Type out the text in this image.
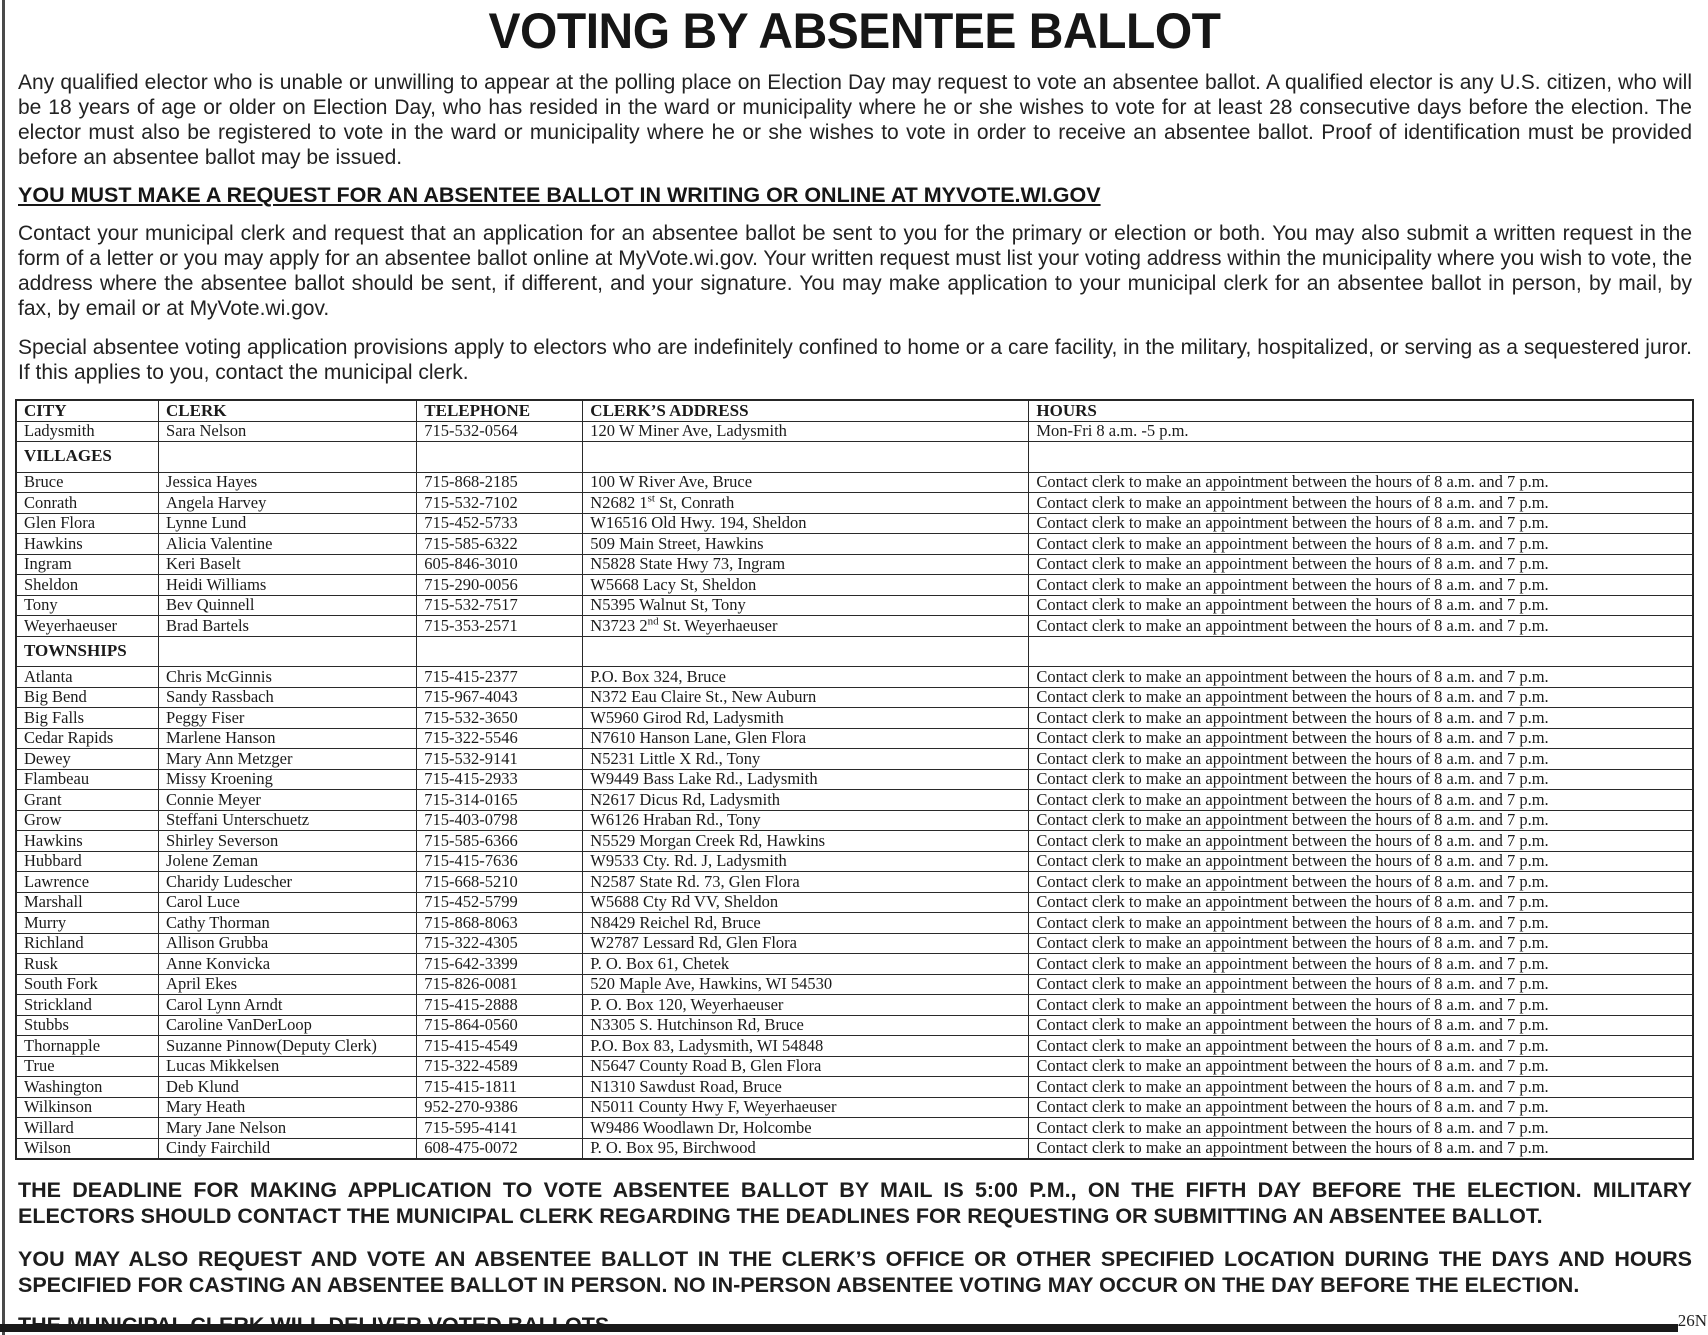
VOTING BY ABSENTEE BALLOT

Any qualified elector who is unable or unwilling to appear at the polling place on Election Day may request to vote an absentee ballot. A qualified elector is any U.S. citizen, who will be 18 years of age or older on Election Day, who has resided in the ward or municipality where he or she wishes to vote for at least 28 consecutive days before the election. The elector must also be registered to vote in the ward or municipality where he or she wishes to vote in order to receive an absentee ballot. Proof of identification must be provided before an absentee ballot may be issued.

YOU MUST MAKE A REQUEST FOR AN ABSENTEE BALLOT IN WRITING OR ONLINE AT MYVOTE.WI.GOV

Contact your municipal clerk and request that an application for an absentee ballot be sent to you for the primary or election or both. You may also submit a written request in the form of a letter or you may apply for an absentee ballot online at MyVote.wi.gov. Your written request must list your voting address within the municipality where you wish to vote, the address where the absentee ballot should be sent, if different, and your signature. You may make application to your municipal clerk for an absentee ballot in person, by mail, by fax, by email or at MyVote.wi.gov.

Special absentee voting application provisions apply to electors who are indefinitely confined to home or a care facility, in the military, hospitalized, or serving as a sequestered juror. If this applies to you, contact the municipal clerk.

CITY	CLERK	TELEPHONE	CLERK’S ADDRESS	HOURS
Ladysmith	Sara Nelson	715-532-0564	120 W Miner Ave, Ladysmith	Mon-Fri 8 a.m. -5 p.m.
VILLAGES				
Bruce	Jessica Hayes	715-868-2185	100 W River Ave, Bruce	Contact clerk to make an appointment between the hours of 8 a.m. and 7 p.m.
Conrath	Angela Harvey	715-532-7102	N2682 1st St, Conrath	Contact clerk to make an appointment between the hours of 8 a.m. and 7 p.m.
Glen Flora	Lynne Lund	715-452-5733	W16516 Old Hwy. 194, Sheldon	Contact clerk to make an appointment between the hours of 8 a.m. and 7 p.m.
Hawkins	Alicia Valentine	715-585-6322	509 Main Street, Hawkins	Contact clerk to make an appointment between the hours of 8 a.m. and 7 p.m.
Ingram	Keri Baselt	605-846-3010	N5828 State Hwy 73, Ingram	Contact clerk to make an appointment between the hours of 8 a.m. and 7 p.m.
Sheldon	Heidi Williams	715-290-0056	W5668 Lacy St, Sheldon	Contact clerk to make an appointment between the hours of 8 a.m. and 7 p.m.
Tony	Bev Quinnell	715-532-7517	N5395 Walnut St, Tony	Contact clerk to make an appointment between the hours of 8 a.m. and 7 p.m.
Weyerhaeuser	Brad Bartels	715-353-2571	N3723 2nd St. Weyerhaeuser	Contact clerk to make an appointment between the hours of 8 a.m. and 7 p.m.
TOWNSHIPS				
Atlanta	Chris McGinnis	715-415-2377	P.O. Box 324, Bruce	Contact clerk to make an appointment between the hours of 8 a.m. and 7 p.m.
Big Bend	Sandy Rassbach	715-967-4043	N372 Eau Claire St., New Auburn	Contact clerk to make an appointment between the hours of 8 a.m. and 7 p.m.
Big Falls	Peggy Fiser	715-532-3650	W5960 Girod Rd, Ladysmith	Contact clerk to make an appointment between the hours of 8 a.m. and 7 p.m.
Cedar Rapids	Marlene Hanson	715-322-5546	N7610 Hanson Lane, Glen Flora	Contact clerk to make an appointment between the hours of 8 a.m. and 7 p.m.
Dewey	Mary Ann Metzger	715-532-9141	N5231 Little X Rd., Tony	Contact clerk to make an appointment between the hours of 8 a.m. and 7 p.m.
Flambeau	Missy Kroening	715-415-2933	W9449 Bass Lake Rd., Ladysmith	Contact clerk to make an appointment between the hours of 8 a.m. and 7 p.m.
Grant	Connie Meyer	715-314-0165	N2617 Dicus Rd, Ladysmith	Contact clerk to make an appointment between the hours of 8 a.m. and 7 p.m.
Grow	Steffani Unterschuetz	715-403-0798	W6126 Hraban Rd., Tony	Contact clerk to make an appointment between the hours of 8 a.m. and 7 p.m.
Hawkins	Shirley Severson	715-585-6366	N5529 Morgan Creek Rd, Hawkins	Contact clerk to make an appointment between the hours of 8 a.m. and 7 p.m.
Hubbard	Jolene Zeman	715-415-7636	W9533 Cty. Rd. J, Ladysmith	Contact clerk to make an appointment between the hours of 8 a.m. and 7 p.m.
Lawrence	Charidy Ludescher	715-668-5210	N2587 State Rd. 73, Glen Flora	Contact clerk to make an appointment between the hours of 8 a.m. and 7 p.m.
Marshall	Carol Luce	715-452-5799	W5688 Cty Rd VV, Sheldon	Contact clerk to make an appointment between the hours of 8 a.m. and 7 p.m.
Murry	Cathy Thorman	715-868-8063	N8429 Reichel Rd, Bruce	Contact clerk to make an appointment between the hours of 8 a.m. and 7 p.m.
Richland	Allison Grubba	715-322-4305	W2787 Lessard Rd, Glen Flora	Contact clerk to make an appointment between the hours of 8 a.m. and 7 p.m.
Rusk	Anne Konvicka	715-642-3399	P. O. Box 61, Chetek	Contact clerk to make an appointment between the hours of 8 a.m. and 7 p.m.
South Fork	April Ekes	715-826-0081	520 Maple Ave, Hawkins, WI 54530	Contact clerk to make an appointment between the hours of 8 a.m. and 7 p.m.
Strickland	Carol Lynn Arndt	715-415-2888	P. O. Box 120, Weyerhaeuser	Contact clerk to make an appointment between the hours of 8 a.m. and 7 p.m.
Stubbs	Caroline VanDerLoop	715-864-0560	N3305 S. Hutchinson Rd, Bruce	Contact clerk to make an appointment between the hours of 8 a.m. and 7 p.m.
Thornapple	Suzanne Pinnow(Deputy Clerk)	715-415-4549	P.O. Box 83, Ladysmith, WI 54848	Contact clerk to make an appointment between the hours of 8 a.m. and 7 p.m.
True	Lucas Mikkelsen	715-322-4589	N5647 County Road B, Glen Flora	Contact clerk to make an appointment between the hours of 8 a.m. and 7 p.m.
Washington	Deb Klund	715-415-1811	N1310 Sawdust Road, Bruce	Contact clerk to make an appointment between the hours of 8 a.m. and 7 p.m.
Wilkinson	Mary Heath	952-270-9386	N5011 County Hwy F, Weyerhaeuser	Contact clerk to make an appointment between the hours of 8 a.m. and 7 p.m.
Willard	Mary Jane Nelson	715-595-4141	W9486 Woodlawn Dr, Holcombe	Contact clerk to make an appointment between the hours of 8 a.m. and 7 p.m.
Wilson	Cindy Fairchild	608-475-0072	P. O. Box 95, Birchwood	Contact clerk to make an appointment between the hours of 8 a.m. and 7 p.m.

THE DEADLINE FOR MAKING APPLICATION TO VOTE ABSENTEE BALLOT BY MAIL IS 5:00 P.M., ON THE FIFTH DAY BEFORE THE ELECTION. MILITARY ELECTORS SHOULD CONTACT THE MUNICIPAL CLERK REGARDING THE DEADLINES FOR REQUESTING OR SUBMITTING AN ABSENTEE BALLOT.

YOU MAY ALSO REQUEST AND VOTE AN ABSENTEE BALLOT IN THE CLERK’S OFFICE OR OTHER SPECIFIED LOCATION DURING THE DAYS AND HOURS SPECIFIED FOR CASTING AN ABSENTEE BALLOT IN PERSON. NO IN-PERSON ABSENTEE VOTING MAY OCCUR ON THE DAY BEFORE THE ELECTION.

26N
